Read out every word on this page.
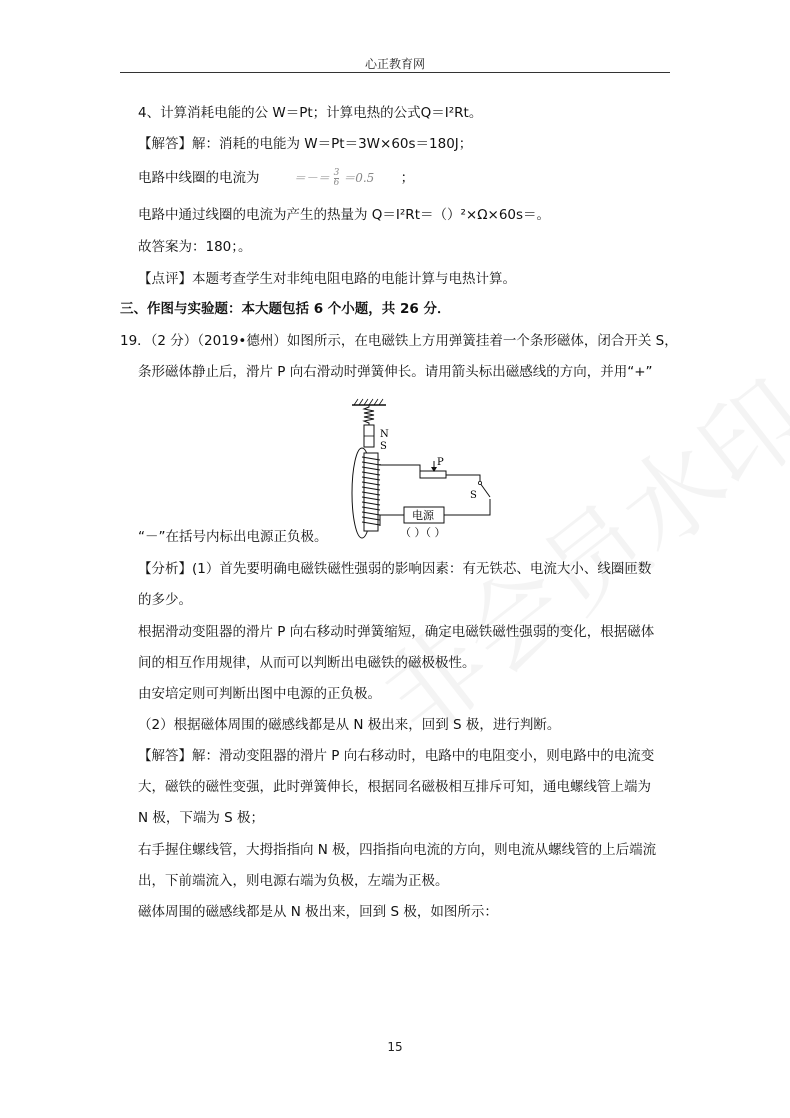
心正教育网
4、计算消耗电能的公 W＝Pt；计算电热的公式Q＝I²Rt。
【解答】解：消耗的电能为 W＝Pt＝3W×60s＝180J；
电路中线圈的电流为	＝－＝ $\frac{3}{6} =0.5$ ；
电路中通过线圈的电流为产生的热量为 Q＝I²Rt＝（）²×Ω×60s＝。
故答案为：180；。
【点评】本题考查学生对非纯电阻电路的电能计算与电热计算。
三、作图与实验题：本大题包括 6 个小题，共 26 分．
19．（2 分）（2019•德州）如图所示，在电磁铁上方用弹簧挂着一个条形磁体，闭合开关 S，
条形磁体静止后，滑片 P 向右滑动时弹簧伸长。请用箭头标出磁感线的方向，并用“+”
N
S
P
S
电源
（ ）（ ）
“－”在括号内标出电源正负极。
【分析】(1）首先要明确电磁铁磁性强弱的影响因素：有无铁芯、电流大小、线圈匝数
的多少。
根据滑动变阻器的滑片 P 向右移动时弹簧缩短，确定电磁铁磁性强弱的变化，根据磁体
间的相互作用规律，从而可以判断出电磁铁的磁极极性。
由安培定则可判断出图中电源的正负极。
（2）根据磁体周围的磁感线都是从 N 极出来，回到 S 极，进行判断。
【解答】解：滑动变阻器的滑片 P 向右移动时，电路中的电阻变小，则电路中的电流变
大，磁铁的磁性变强，此时弹簧伸长，根据同名磁极相互排斥可知，通电螺线管上端为
N 极，下端为 S 极；
右手握住螺线管，大拇指指向 N 极，四指指向电流的方向，则电流从螺线管的上后端流
出，下前端流入，则电源右端为负极，左端为正极。
磁体周围的磁感线都是从 N 极出来，回到 S 极，如图所示：
15
